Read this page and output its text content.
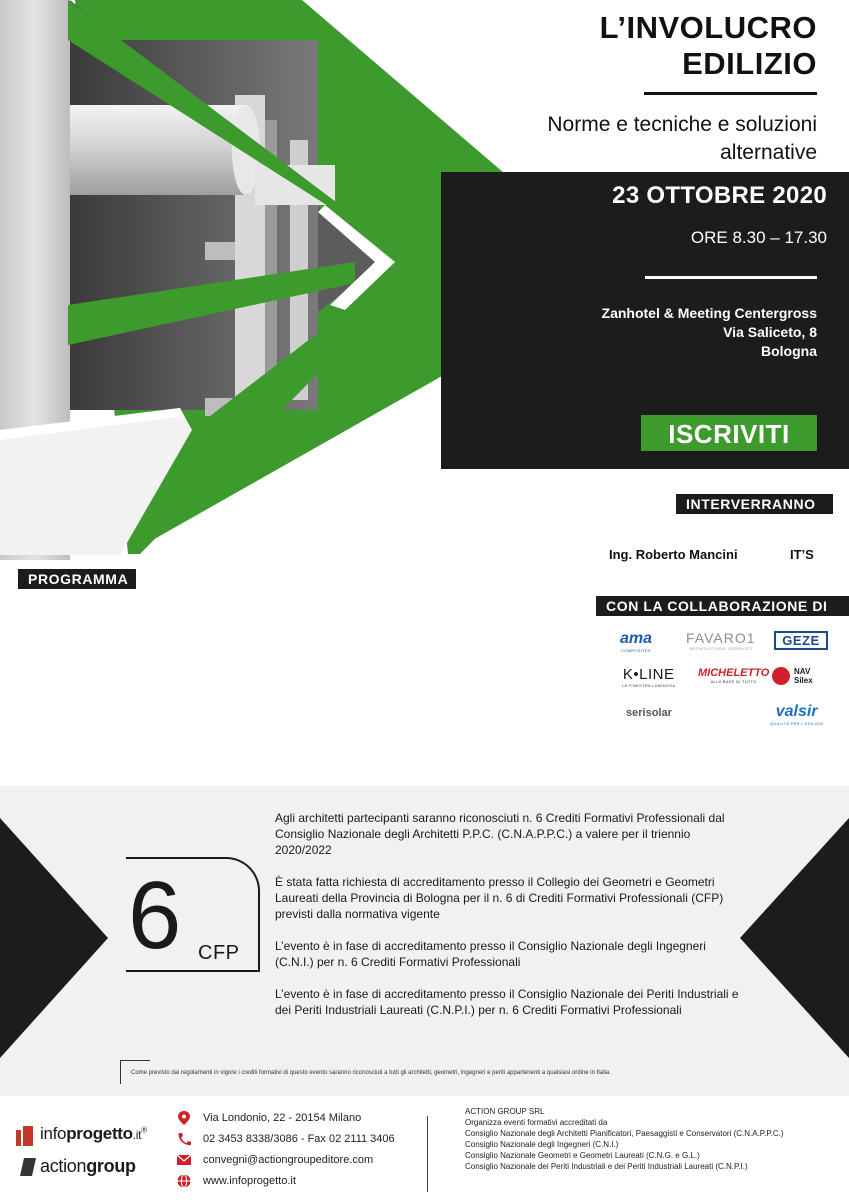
L’INVOLUCRO
EDILIZIO
Norme e tecniche e soluzioni alternative
23 OTTOBRE 2020
ORE 8.30 – 17.30
Zanhotel & Meeting Centergross
Via Saliceto, 8
Bologna
ISCRIVITI
INTERVERRANNO
Ing. Roberto Mancini	IT’S
PROGRAMMA
CON LA COLLABORAZIONE DI
ama
COMPOSITES
FAVARO1
ARCHITECTURAL SURFACES
GEZE
K•LINE
LA FINESTRA LUMINOSA
MICHELETTO
ALLA BASE DI TUTTO
NAV
Silex
serisolar	valsir
QUALITÀ PER L’EDILIZIA
6 CFP

Agli architetti partecipanti saranno riconosciuti n. 6 Crediti Formativi Professionali dal Consiglio Nazionale degli Architetti P.P.C. (C.N.A.P.P.C.) a valere per il triennio 2020/2022

È stata fatta richiesta di accreditamento presso il Collegio dei Geometri e Geometri Laureati della Provincia di Bologna per il n. 6 di Crediti Formativi Professionali (CFP) previsti dalla normativa vigente

L’evento è in fase di accreditamento presso il Consiglio Nazionale degli Ingegneri (C.N.I.) per n. 6 Crediti Formativi Professionali

L’evento è in fase di accreditamento presso il Consiglio Nazionale dei Periti Industriali e dei Periti Industriali Laureati (C.N.P.I.) per n. 6 Crediti Formativi Professionali

Come previsto dai regolamenti in vigore i crediti formativi di questo evento saranno riconosciuti a tutti gli architetti, geometri, ingegneri e periti appartenenti a qualsiasi ordine in Italia.
infoprogetto.it®
actiongroup
Via Londonio, 22 - 20154 Milano
02 3453 8338/3086 - Fax 02 2111 3406
convegni@actiongroupeditore.com
www.infoprogetto.it
ACTION GROUP SRL
Organizza eventi formativi accreditati da
Consiglio Nazionale degli Architetti Pianificatori, Paesaggisti e Conservatori (C.N.A.P.P.C.)
Consiglio Nazionale degli Ingegneri (C.N.I.)
Consiglio Nazionale Geometri e Geometri Laureati (C.N.G. e G.L.)
Consiglio Nazionale dei Periti Industriali e dei Periti Industriali Laureati (C.N.P.I.)
